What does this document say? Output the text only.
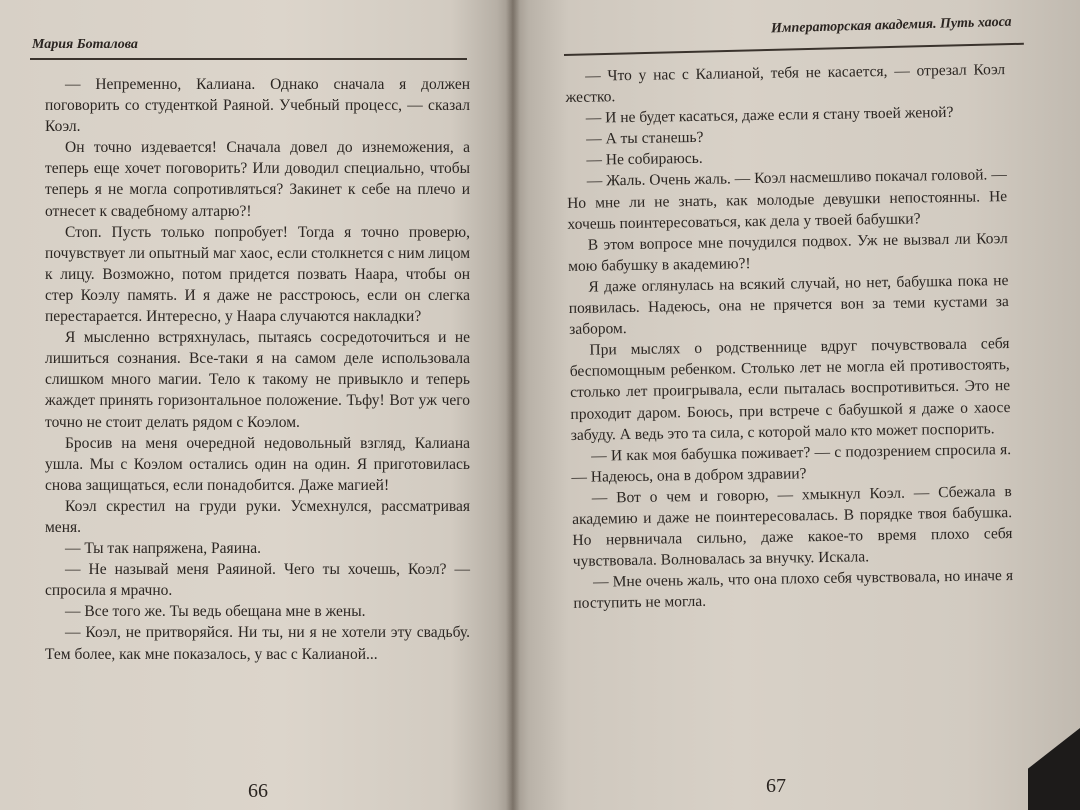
Мария Боталова

— Непременно, Калиана. Однако сначала я должен поговорить со студенткой Раяной. Учебный процесс, — сказал Коэл.

Он точно издевается! Сначала довел до изнеможения, а теперь еще хочет поговорить? Или доводил специально, чтобы теперь я не могла сопротивляться? Закинет к себе на плечо и отнесет к свадебному алтарю?!

Стоп. Пусть только попробует! Тогда я точно проверю, почувствует ли опытный маг хаос, если столкнется с ним лицом к лицу. Возможно, потом придется позвать Наара, чтобы он стер Коэлу память. И я даже не расстроюсь, если он слегка перестарается. Интересно, у Наара случаются накладки?

Я мысленно встряхнулась, пытаясь сосредоточиться и не лишиться сознания. Все-таки я на самом деле использовала слишком много магии. Тело к такому не привыкло и теперь жаждет принять горизонтальное положение. Тьфу! Вот уж чего точно не стоит делать рядом с Коэлом.

Бросив на меня очередной недовольный взгляд, Калиана ушла. Мы с Коэлом остались один на один. Я приготовилась снова защищаться, если понадобится. Даже магией!

Коэл скрестил на груди руки. Усмехнулся, рассматривая меня.

— Ты так напряжена, Раяина.

— Не называй меня Раяиной. Чего ты хочешь, Коэл? — спросила я мрачно.

— Все того же. Ты ведь обещана мне в жены.

— Коэл, не притворяйся. Ни ты, ни я не хотели эту свадьбу. Тем более, как мне показалось, у вас с Калианой...

66
Императорская академия. Путь хаоса

— Что у нас с Калианой, тебя не касается, — отрезал Коэл жестко.

— И не будет касаться, даже если я стану твоей женой?

— А ты станешь?

— Не собираюсь.

— Жаль. Очень жаль. — Коэл насмешливо покачал головой. — Но мне ли не знать, как молодые девушки непостоянны. Не хочешь поинтересоваться, как дела у твоей бабушки?

В этом вопросе мне почудился подвох. Уж не вызвал ли Коэл мою бабушку в академию?!

Я даже оглянулась на всякий случай, но нет, бабушка пока не появилась. Надеюсь, она не прячется вон за теми кустами за забором.

При мыслях о родственнице вдруг почувствовала себя беспомощным ребенком. Столько лет не могла ей противостоять, столько лет проигрывала, если пыталась воспротивиться. Это не проходит даром. Боюсь, при встрече с бабушкой я даже о хаосе забуду. А ведь это та сила, с которой мало кто может поспорить.

— И как моя бабушка поживает? — с подозрением спросила я. — Надеюсь, она в добром здравии?

— Вот о чем и говорю, — хмыкнул Коэл. — Сбежала в академию и даже не поинтересовалась. В порядке твоя бабушка. Но нервничала сильно, даже какое-то время плохо себя чувствовала. Волновалась за внучку. Искала.

— Мне очень жаль, что она плохо себя чувствовала, но иначе я поступить не могла.

67
